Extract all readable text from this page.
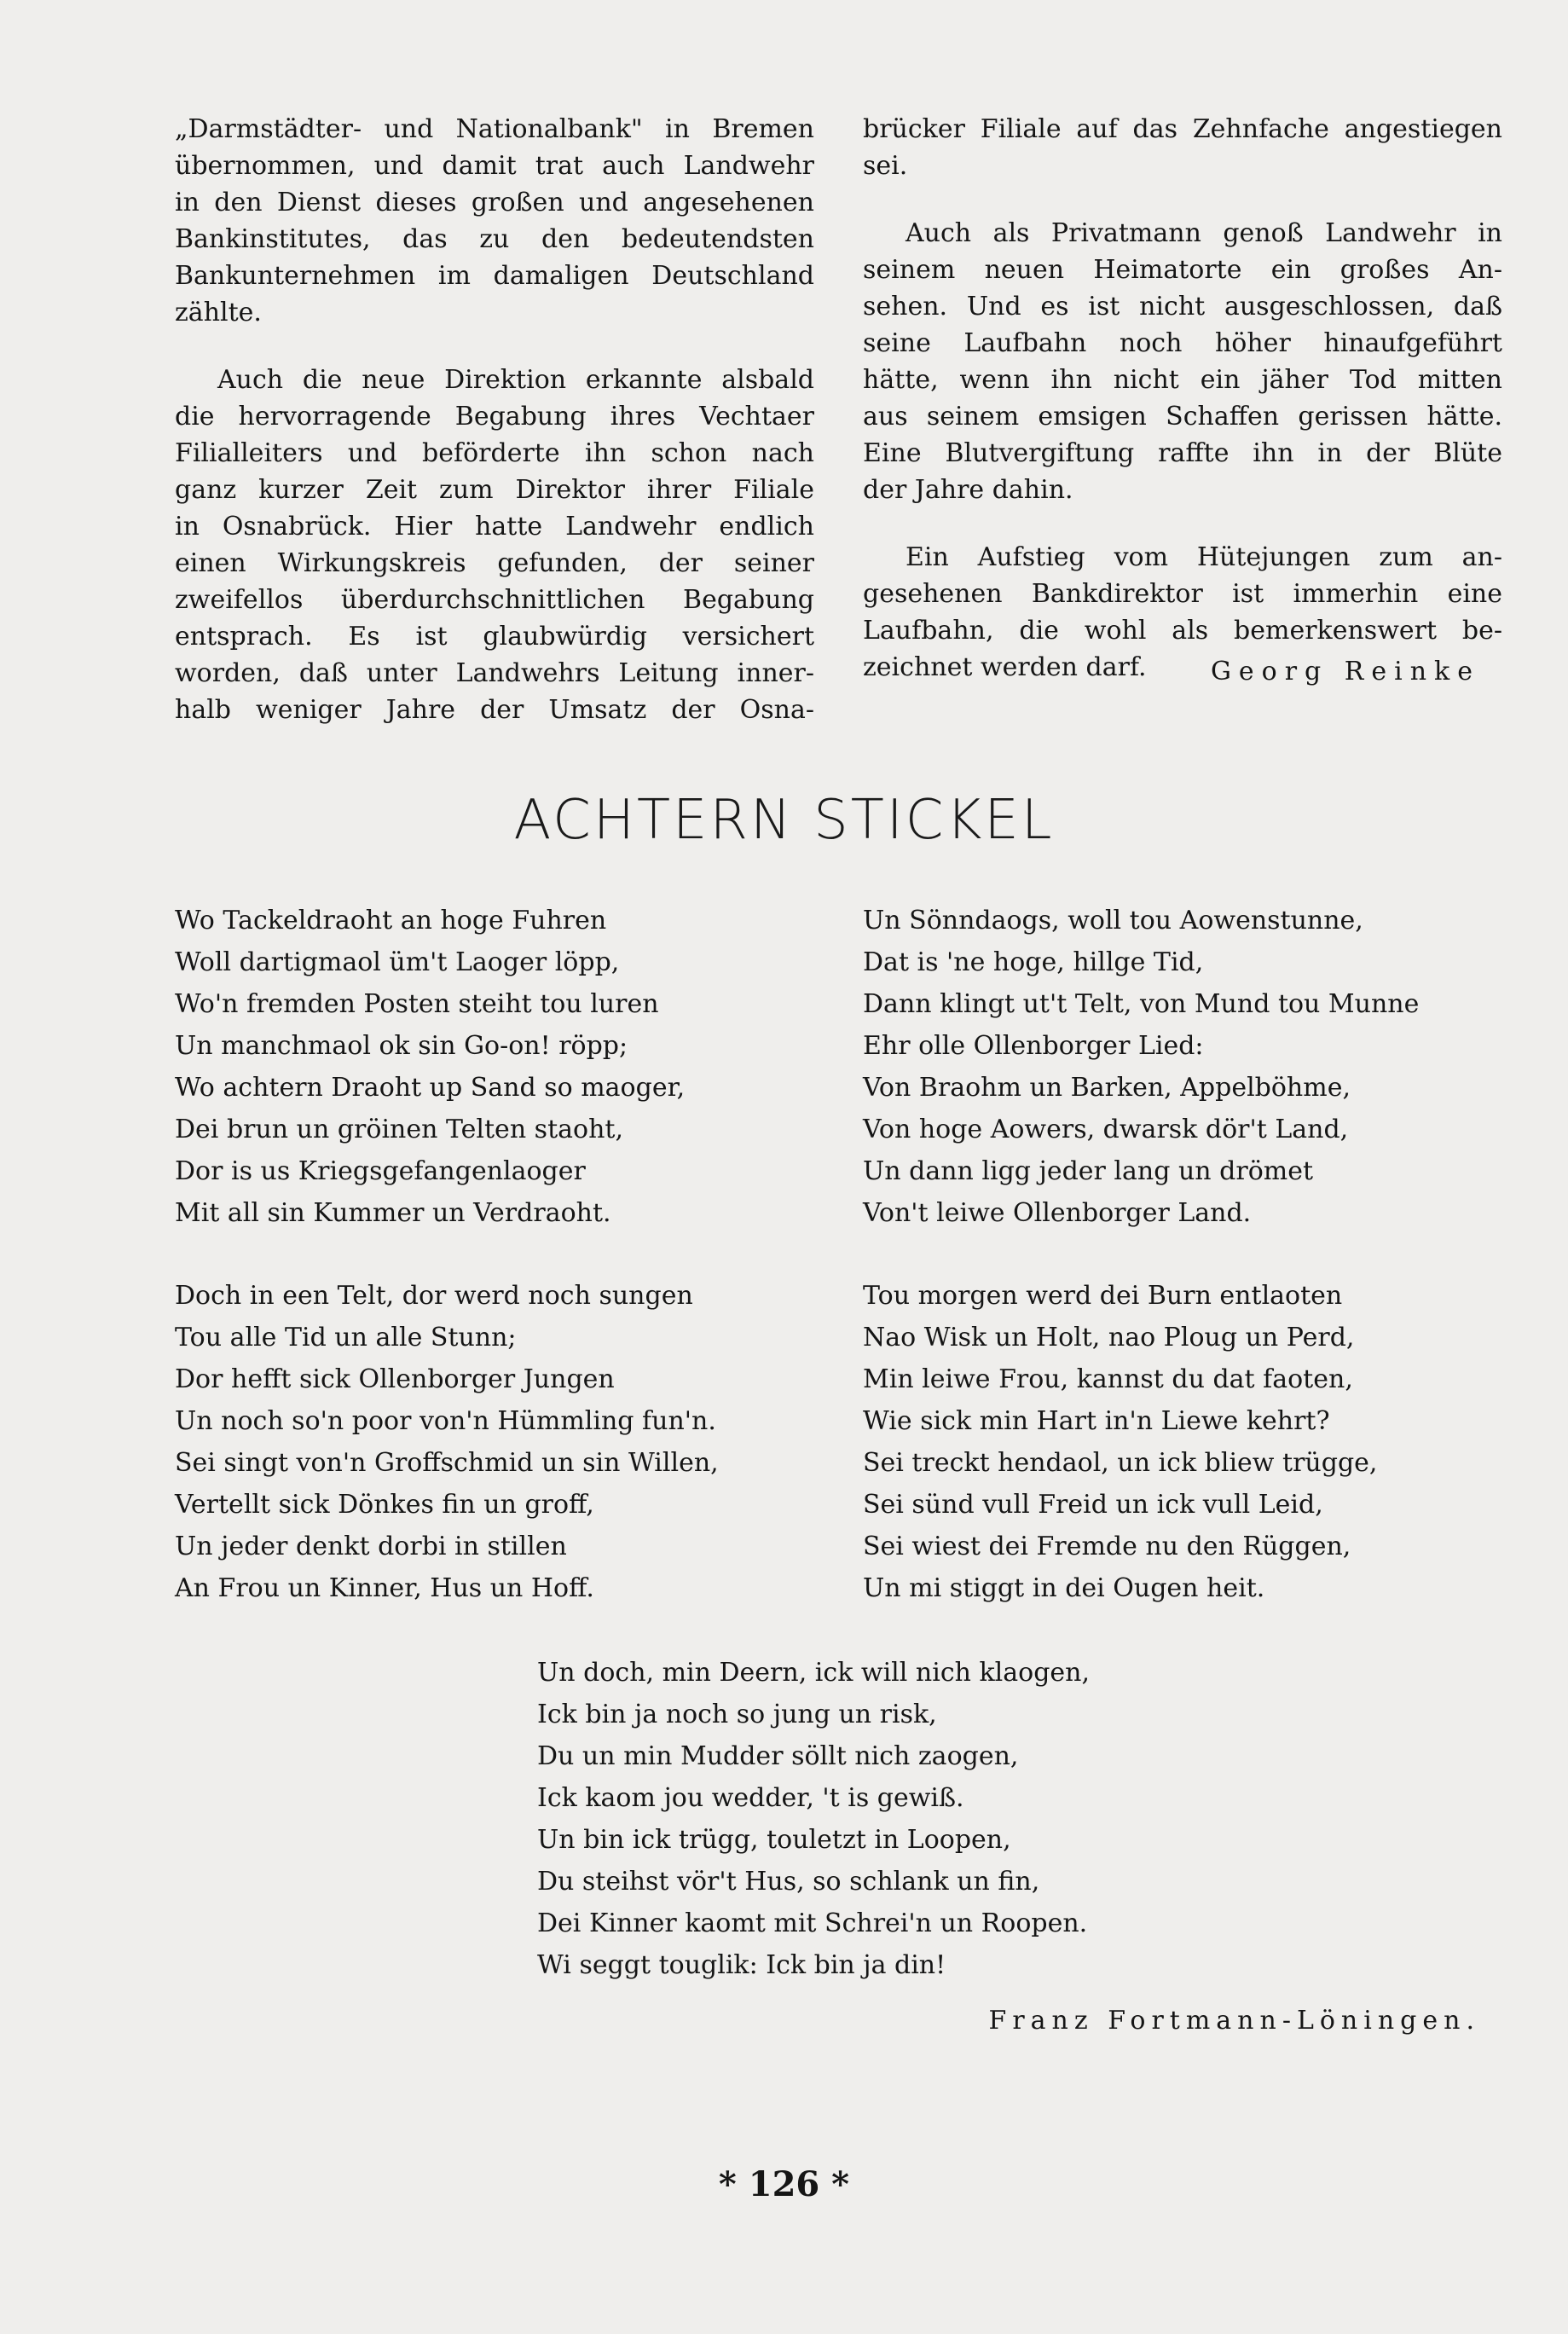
„Darmstädter- und Nationalbank" in Bremen
übernommen, und damit trat auch Landwehr
in den Dienst dieses großen und angesehenen
Bankinstitutes, das zu den bedeutendsten
Bankunternehmen im damaligen Deutschland
zählte.

Auch die neue Direktion erkannte alsbald
die hervorragende Begabung ihres Vechtaer
Filialleiters und beförderte ihn schon nach
ganz kurzer Zeit zum Direktor ihrer Filiale
in Osnabrück. Hier hatte Landwehr endlich
einen Wirkungskreis gefunden, der seiner
zweifellos überdurchschnittlichen Begabung
entsprach. Es ist glaubwürdig versichert
worden, daß unter Landwehrs Leitung inner-
halb weniger Jahre der Umsatz der Osna-

brücker Filiale auf das Zehnfache angestiegen
sei.

Auch als Privatmann genoß Landwehr in
seinem neuen Heimatorte ein großes An-
sehen. Und es ist nicht ausgeschlossen, daß
seine Laufbahn noch höher hinaufgeführt
hätte, wenn ihn nicht ein jäher Tod mitten
aus seinem emsigen Schaffen gerissen hätte.
Eine Blutvergiftung raffte ihn in der Blüte
der Jahre dahin.

Ein Aufstieg vom Hütejungen zum an-
gesehenen Bankdirektor ist immerhin eine
Laufbahn, die wohl als bemerkenswert be-
zeichnet werden darf.	Georg Reinke
ACHTERN STICKEL
Wo Tackeldraoht an hoge Fuhren
Woll dartigmaol üm't Laoger löpp,
Wo'n fremden Posten steiht tou luren
Un manchmaol ok sin Go-on! röpp;
Wo achtern Draoht up Sand so maoger,
Dei brun un gröinen Telten staoht,
Dor is us Kriegsgefangenlaoger
Mit all sin Kummer un Verdraoht.
Un Sönndaogs, woll tou Aowenstunne,
Dat is 'ne hoge, hillge Tid,
Dann klingt ut't Telt, von Mund tou Munne
Ehr olle Ollenborger Lied:
Von Braohm un Barken, Appelböhme,
Von hoge Aowers, dwarsk dör't Land,
Un dann ligg jeder lang un drömet
Von't leiwe Ollenborger Land.
Doch in een Telt, dor werd noch sungen
Tou alle Tid un alle Stunn;
Dor hefft sick Ollenborger Jungen
Un noch so'n poor von'n Hümmling fun'n.
Sei singt von'n Groffschmid un sin Willen,
Vertellt sick Dönkes fin un groff,
Un jeder denkt dorbi in stillen
An Frou un Kinner, Hus un Hoff.
Tou morgen werd dei Burn entlaoten
Nao Wisk un Holt, nao Ploug un Perd,
Min leiwe Frou, kannst du dat faoten,
Wie sick min Hart in'n Liewe kehrt?
Sei treckt hendaol, un ick bliew trügge,
Sei sünd vull Freid un ick vull Leid,
Sei wiest dei Fremde nu den Rüggen,
Un mi stiggt in dei Ougen heit.
Un doch, min Deern, ick will nich klaogen,
Ick bin ja noch so jung un risk,
Du un min Mudder söllt nich zaogen,
Ick kaom jou wedder, 't is gewiß.
Un bin ick trügg, touletzt in Loopen,
Du steihst vör't Hus, so schlank un fin,
Dei Kinner kaomt mit Schrei'n un Roopen.
Wi seggt touglik: Ick bin ja din!
Franz Fortmann-Löningen.
* 126 *
